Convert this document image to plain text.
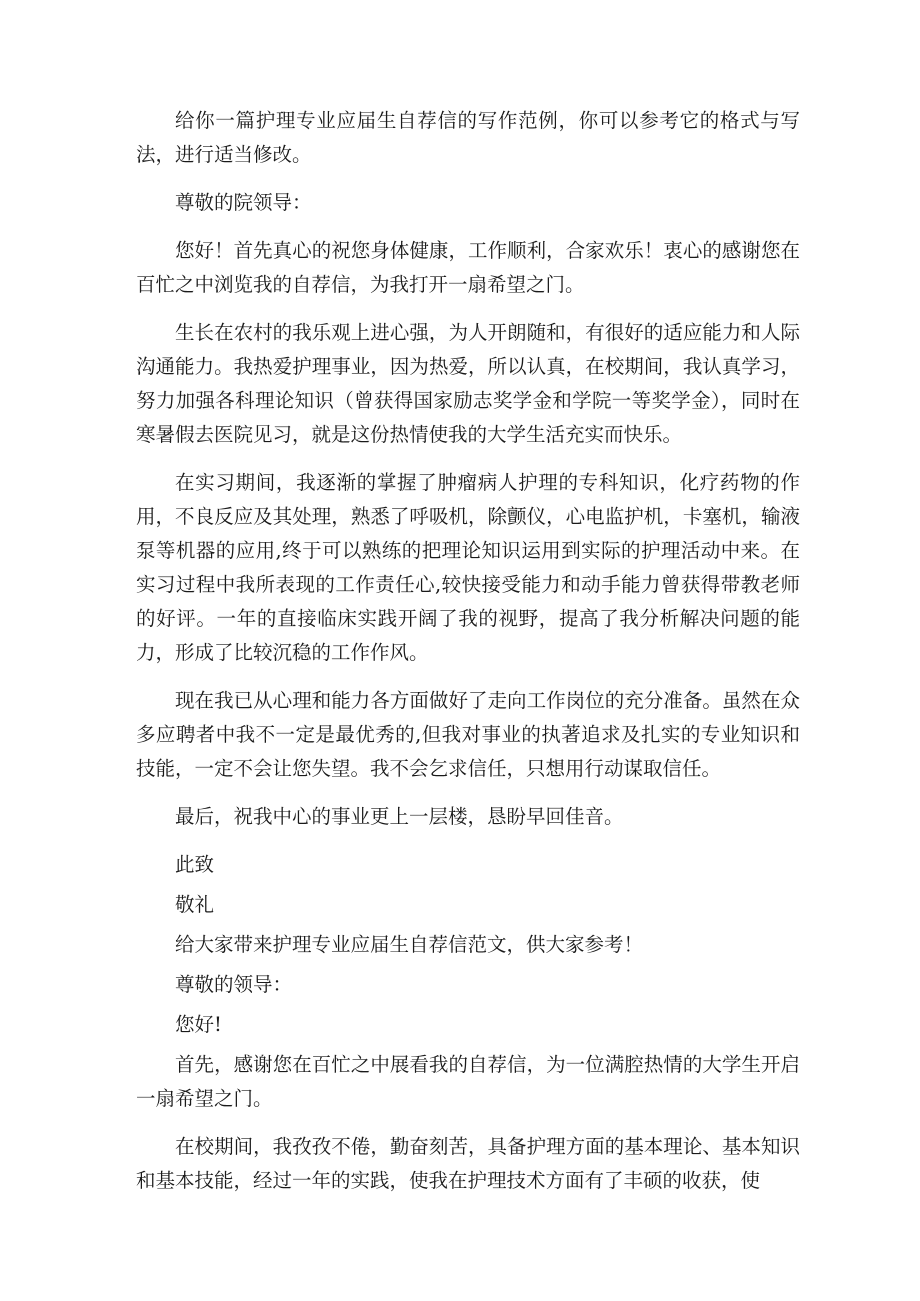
给你一篇护理专业应届生自荐信的写作范例，你可以参考它的格式与写法，进行适当修改。

尊敬的院领导：

您好！首先真心的祝您身体健康，工作顺利，合家欢乐！衷心的感谢您在百忙之中浏览我的自荐信，为我打开一扇希望之门。

生长在农村的我乐观上进心强，为人开朗随和，有很好的适应能力和人际沟通能力。我热爱护理事业，因为热爱，所以认真，在校期间，我认真学习，努力加强各科理论知识（曾获得国家励志奖学金和学院一等奖学金），同时在寒暑假去医院见习，就是这份热情使我的大学生活充实而快乐。

在实习期间，我逐渐的掌握了肿瘤病人护理的专科知识，化疗药物的作用，不良反应及其处理，熟悉了呼吸机，除颤仪，心电监护机，卡塞机，输液泵等机器的应用,终于可以熟练的把理论知识运用到实际的护理活动中来。在实习过程中我所表现的工作责任心,较快接受能力和动手能力曾获得带教老师的好评。一年的直接临床实践开阔了我的视野，提高了我分析解决问题的能力，形成了比较沉稳的工作作风。

现在我已从心理和能力各方面做好了走向工作岗位的充分准备。虽然在众多应聘者中我不一定是最优秀的,但我对事业的执著追求及扎实的专业知识和技能，一定不会让您失望。我不会乞求信任，只想用行动谋取信任。

最后，祝我中心的事业更上一层楼，恳盼早回佳音。

此致

敬礼

给大家带来护理专业应届生自荐信范文，供大家参考！

尊敬的领导：

您好!

首先，感谢您在百忙之中展看我的自荐信，为一位满腔热情的大学生开启一扇希望之门。

在校期间，我孜孜不倦，勤奋刻苦，具备护理方面的基本理论、基本知识和基本技能，经过一年的实践，使我在护理技术方面有了丰硕的收获，使
